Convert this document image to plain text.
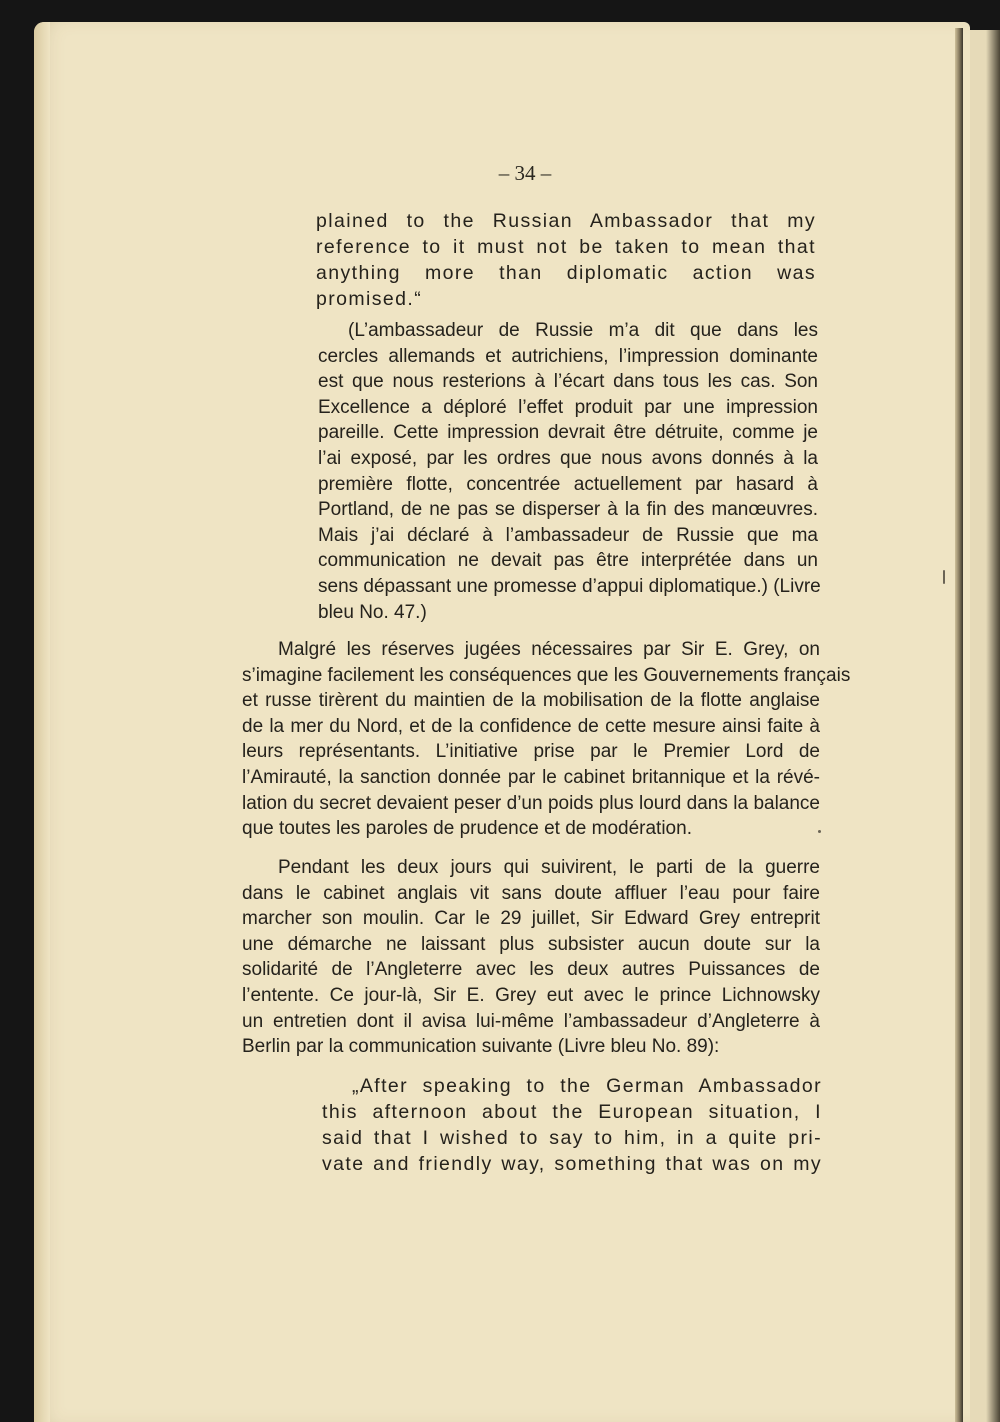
– 34 –

plained to the Russian Ambassador that my
reference to it must not be taken to mean that
anything more than diplomatic action was
promised.“
(L’ambassadeur de Russie m’a dit que dans les
cercles allemands et autrichiens, l’impression dominante
est que nous resterions à l’écart dans tous les cas. Son
Excellence a déploré l’effet produit par une impression
pareille. Cette impression devrait être détruite, comme je
l’ai exposé, par les ordres que nous avons donnés à la
première flotte, concentrée actuellement par hasard à
Portland, de ne pas se disperser à la fin des manœuvres.
Mais j’ai déclaré à l’ambassadeur de Russie que ma
communication ne devait pas être interprétée dans un
sens dépassant une promesse d’appui diplomatique.) (Livre
bleu No. 47.)
Malgré les réserves jugées nécessaires par Sir E. Grey, on
s’imagine facilement les conséquences que les Gouvernements français
et russe tirèrent du maintien de la mobilisation de la flotte anglaise
de la mer du Nord, et de la confidence de cette mesure ainsi faite à
leurs représentants. L’initiative prise par le Premier Lord de
l’Amirauté, la sanction donnée par le cabinet britannique et la révé-
lation du secret devaient peser d’un poids plus lourd dans la balance
que toutes les paroles de prudence et de modération.
Pendant les deux jours qui suivirent, le parti de la guerre
dans le cabinet anglais vit sans doute affluer l’eau pour faire
marcher son moulin. Car le 29 juillet, Sir Edward Grey entreprit
une démarche ne laissant plus subsister aucun doute sur la
solidarité de l’Angleterre avec les deux autres Puissances de
l’entente. Ce jour-là, Sir E. Grey eut avec le prince Lichnowsky
un entretien dont il avisa lui-même l’ambassadeur d’Angleterre à
Berlin par la communication suivante (Livre bleu No. 89):
„After speaking to the German Ambassador
this afternoon about the European situation, I
said that I wished to say to him, in a quite pri-
vate and friendly way, something that was on my
